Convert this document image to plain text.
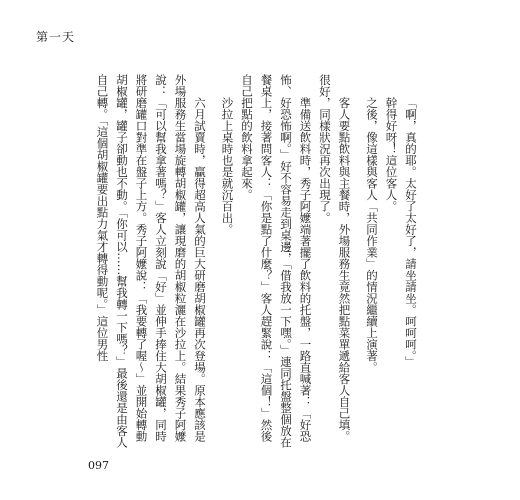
第一天

「啊，真的耶。太好了太好了，請坐請坐。呵呵呵。」

幹得好呀！這位客人。

之後，像這樣與客人「共同作業」的情況繼續上演著。

客人要點飲料與主餐時，外場服務生竟然把點菜單遞給客人自己填。很好，同樣狀況再次出現了。

準備送飲料時，秀子阿嬤端著擺了飲料的托盤，一路直喊著：「好恐怖、好恐怖啊。」好不容易走到桌邊，「借我放一下嘿。」連同托盤整個放在餐桌上，接著問客人：「你是點了什麼？」客人趕緊說：「這個！」然後自己把點的飲料拿起來。

沙拉上桌時也是就沉百出。

六月試賣時，贏得超高人氣的巨大研磨胡椒罐再次登場。原本應該是外場服務生當場旋轉胡椒罐，讓現磨的胡椒粒灑在沙拉上。結果秀子阿嬤說：「可以幫我拿著嗎？」客人立刻說「好」並伸手捧住大胡椒罐，同時將研磨罐口對準在盤子上方。秀子阿嬤說：「我要轉了喔〜」並開始轉動胡椒罐，罐子卻動也不動。「你可以……幫我轉一下嗎？」最後還是由客人自己轉。「這個胡椒罐要出點力氣才轉得動呢。」這位男性

097
